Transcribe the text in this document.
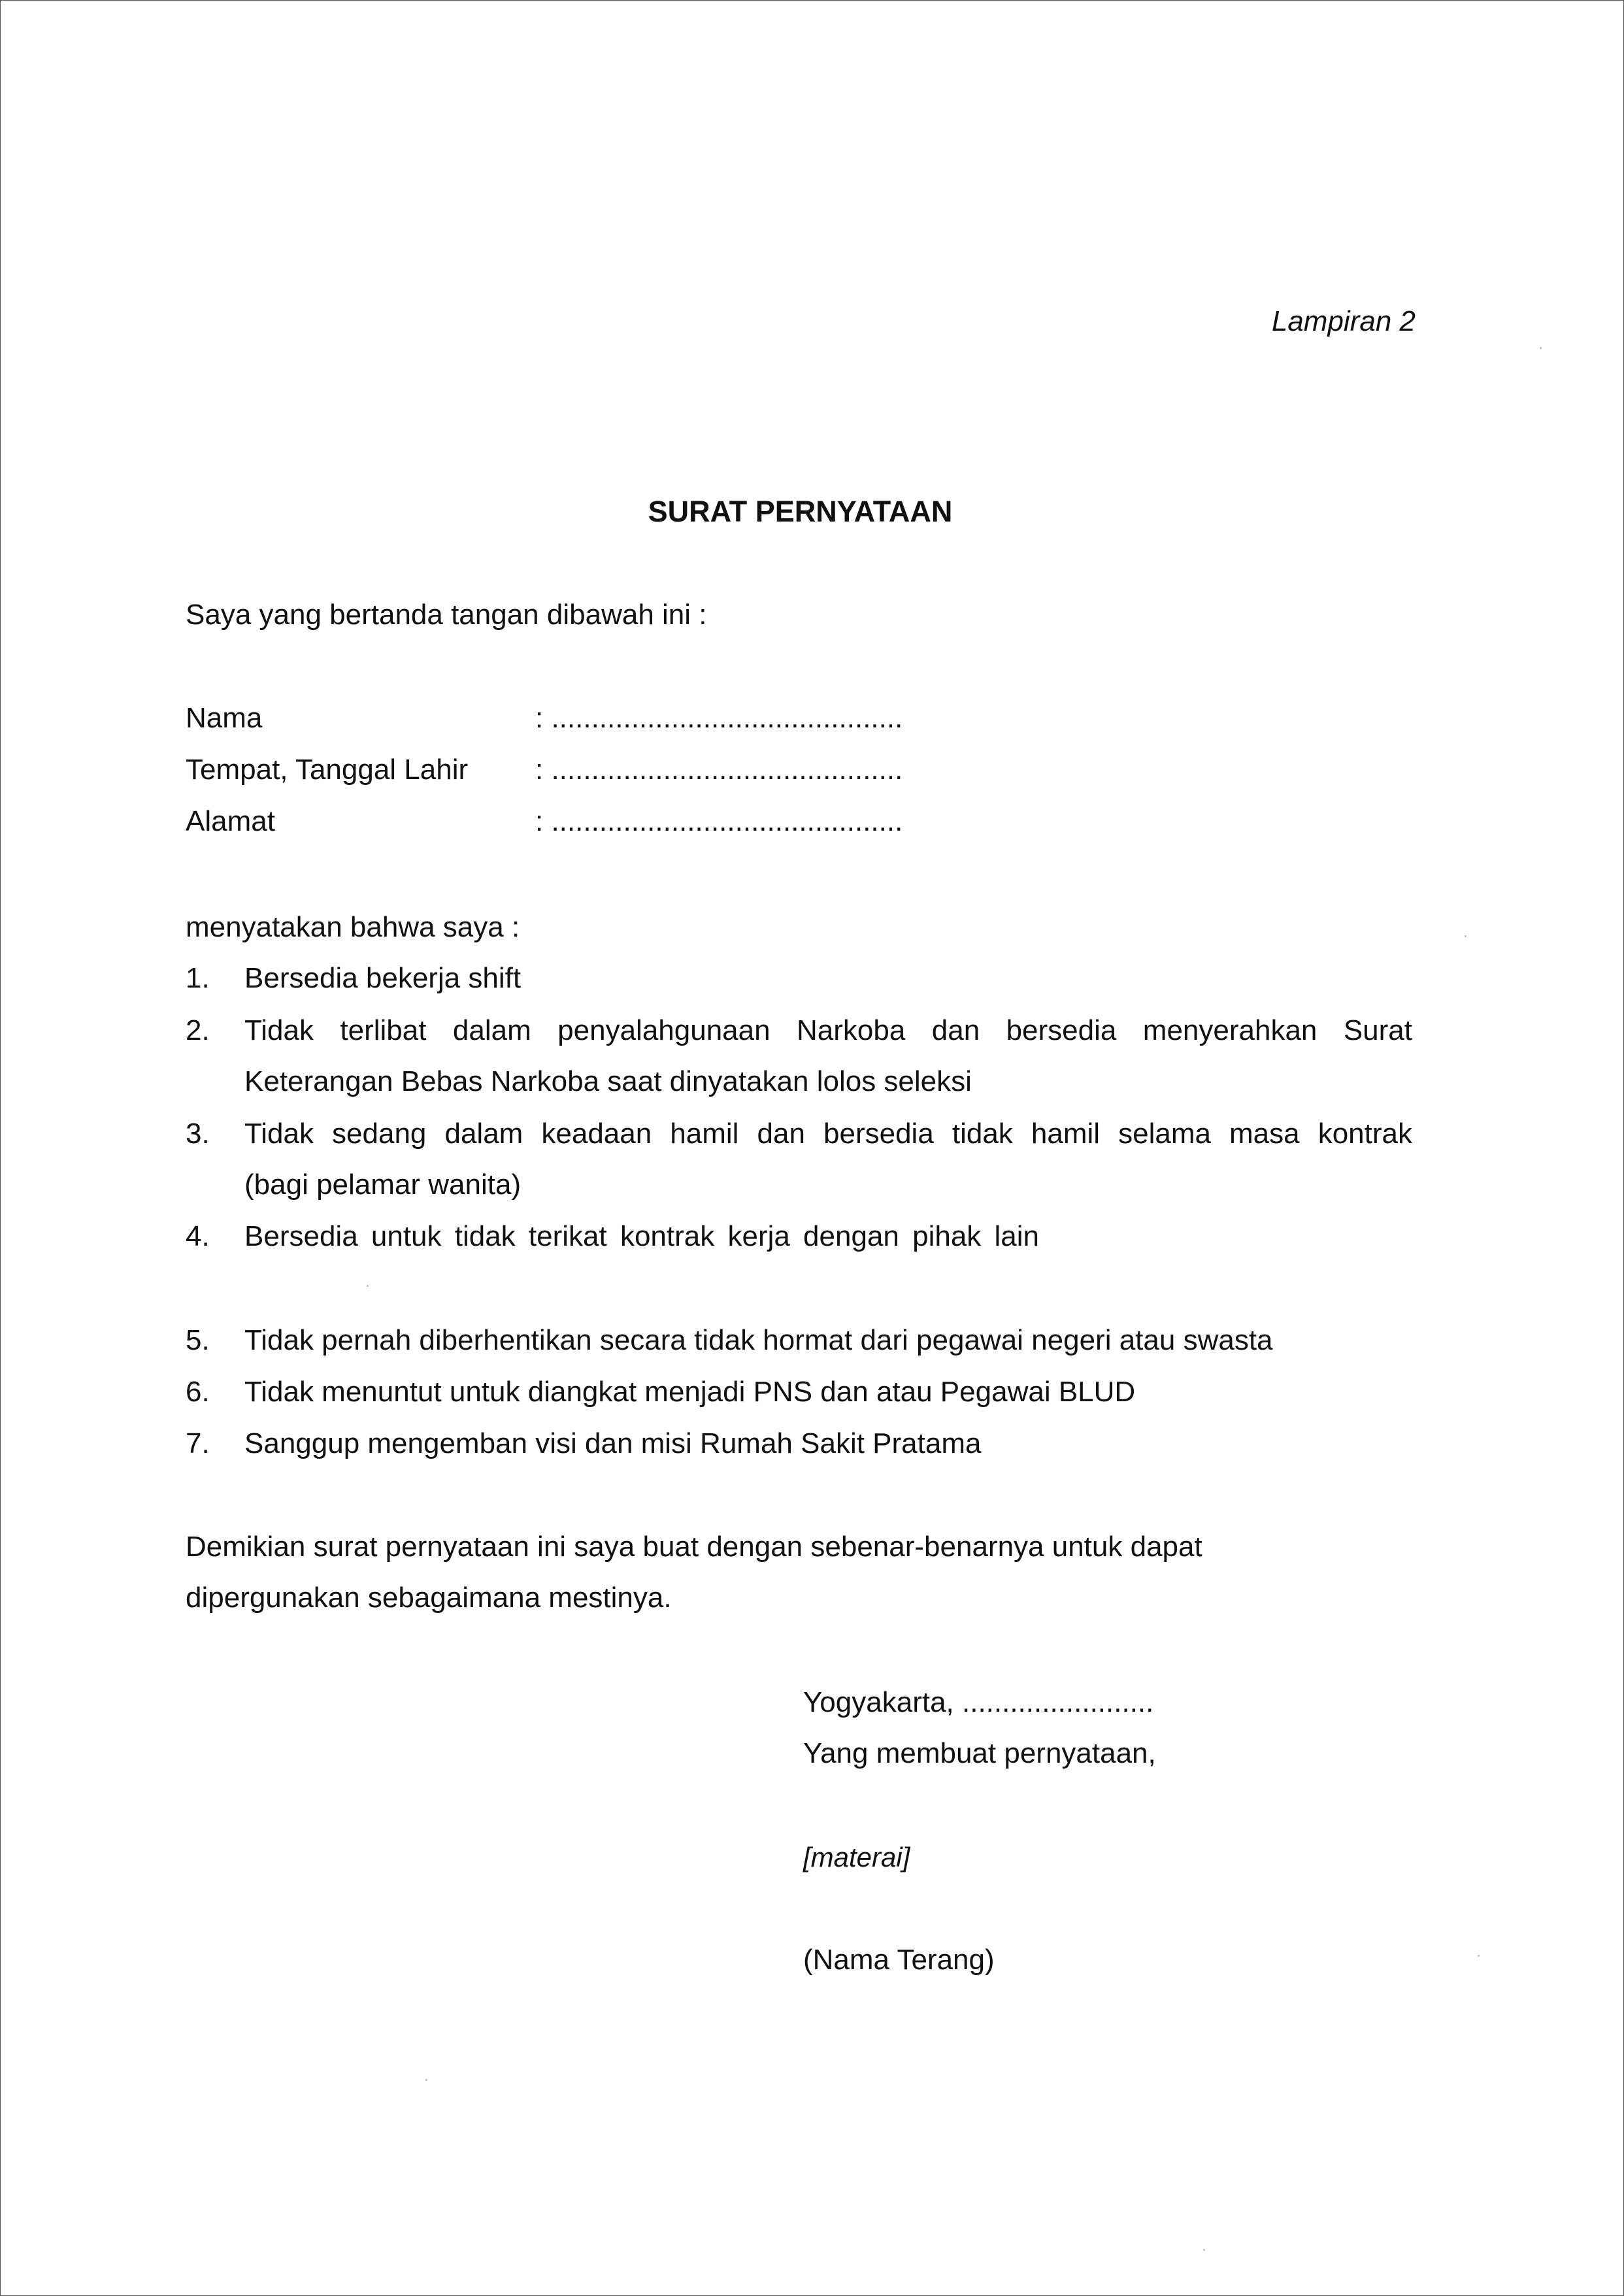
Lampiran 2
SURAT PERNYATAAN
Saya yang bertanda tangan dibawah ini :
Nama	: ............................................
Tempat, Tanggal Lahir : ............................................
Alamat	: ............................................
menyatakan bahwa saya :
1. Bersedia bekerja shift
2. Tidak terlibat dalam penyalahgunaan Narkoba dan bersedia menyerahkan Surat
Keterangan Bebas Narkoba saat dinyatakan lolos seleksi
3. Tidak sedang dalam keadaan hamil dan bersedia tidak hamil selama masa kontrak
(bagi pelamar wanita)
4. Bersedia untuk tidak terikat kontrak kerja dengan pihak lain
5. Tidak pernah diberhentikan secara tidak hormat dari pegawai negeri atau swasta
6. Tidak menuntut untuk diangkat menjadi PNS dan atau Pegawai BLUD
7. Sanggup mengemban visi dan misi Rumah Sakit Pratama
Demikian surat pernyataan ini saya buat dengan sebenar-benarnya untuk dapat
dipergunakan sebagaimana mestinya.
Yogyakarta, ........................
Yang membuat pernyataan,
[materai]
(Nama Terang)
